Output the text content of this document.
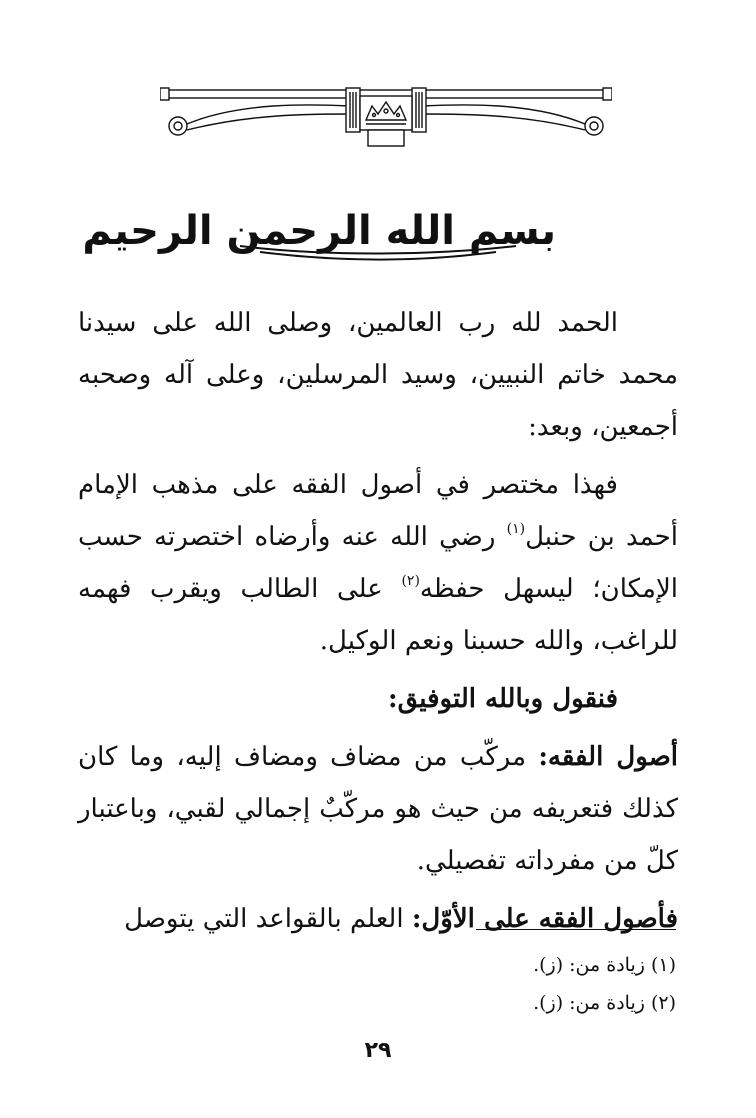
بسم الله الرحمن الرحيم

الحمد لله رب العالمين، وصلى الله على سيدنا محمد خاتم النبيين، وسيد المرسلين، وعلى آله وصحبه أجمعين، وبعد:

فهذا مختصر في أصول الفقه على مذهب الإمام أحمد بن حنبل$^{(١)}$ رضي الله عنه وأرضاه اختصرته حسب الإمكان؛ ليسهل حفظه$^{(٢)}$ على الطالب ويقرب فهمه للراغب، والله حسبنا ونعم الوكيل.

فنقول وبالله التوفيق:

أصول الفقه: مركّب من مضاف ومضاف إليه، وما كان كذلك فتعريفه من حيث هو مركّبٌ إجمالي لقبي، وباعتبار كلّ من مفرداته تفصيلي.

فأصول الفقه على الأوّل: العلم بالقواعد التي يتوصل

(١) زيادة من: (ز).

(٢) زيادة من: (ز).

٢٩
